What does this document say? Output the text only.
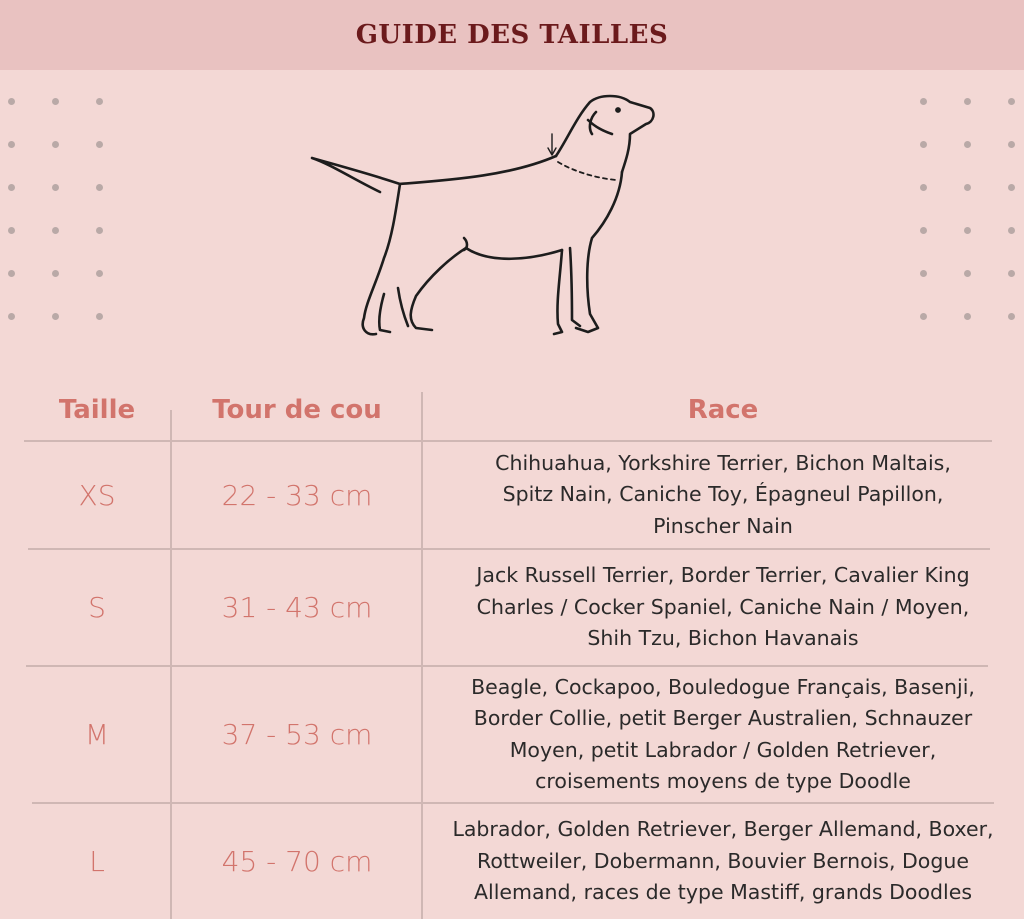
GUIDE DES TAILLES
Taille	Tour de cou	Race
XS	22 - 33 cm
Chihuahua, Yorkshire Terrier, Bichon Maltais,
Spitz Nain, Caniche Toy, Épagneul Papillon,
Pinscher Nain
S	31 - 43 cm
Jack Russell Terrier, Border Terrier, Cavalier King
Charles / Cocker Spaniel, Caniche Nain / Moyen,
Shih Tzu, Bichon Havanais
M	37 - 53 cm
Beagle, Cockapoo, Bouledogue Français, Basenji,
Border Collie, petit Berger Australien, Schnauzer
Moyen, petit Labrador / Golden Retriever,
croisements moyens de type Doodle
L	45 - 70 cm
Labrador, Golden Retriever, Berger Allemand, Boxer,
Rottweiler, Dobermann, Bouvier Bernois, Dogue
Allemand, races de type Mastiff, grands Doodles
